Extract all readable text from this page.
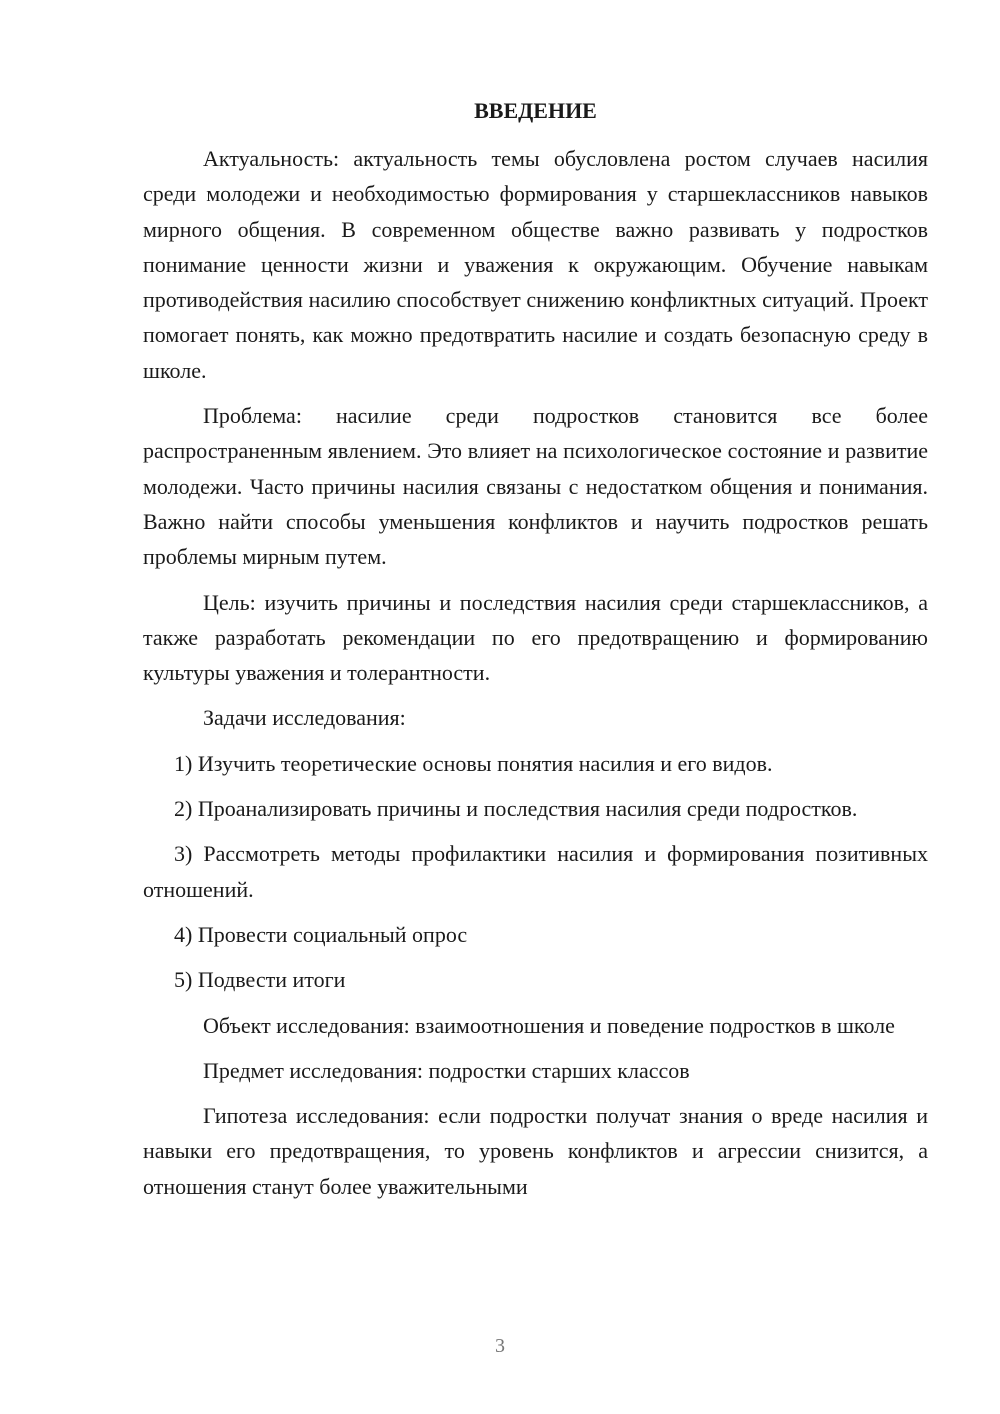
ВВЕДЕНИЕ

Актуальность: актуальность темы обусловлена ростом случаев насилия среди молодежи и необходимостью формирования у старшеклассников навыков мирного общения. В современном обществе важно развивать у подростков понимание ценности жизни и уважения к окружающим. Обучение навыкам противодействия насилию способствует снижению конфликтных ситуаций. Проект помогает понять, как можно предотвратить насилие и создать безопасную среду в школе.

Проблема: насилие среди подростков становится все более распространенным явлением. Это влияет на психологическое состояние и развитие молодежи. Часто причины насилия связаны с недостатком общения и понимания. Важно найти способы уменьшения конфликтов и научить подростков решать проблемы мирным путем.

Цель: изучить причины и последствия насилия среди старшеклассников, а также разработать рекомендации по его предотвращению и формированию культуры уважения и толерантности.

Задачи исследования:

1) Изучить теоретические основы понятия насилия и его видов.

2) Проанализировать причины и последствия насилия среди подростков.

3) Рассмотреть методы профилактики насилия и формирования позитивных отношений.

4) Провести социальный опрос

5) Подвести итоги

Объект исследования: взаимоотношения и поведение подростков в школе

Предмет исследования: подростки старших классов

Гипотеза исследования: если подростки получат знания о вреде насилия и навыки его предотвращения, то уровень конфликтов и агрессии снизится, а отношения станут более уважительными

3
